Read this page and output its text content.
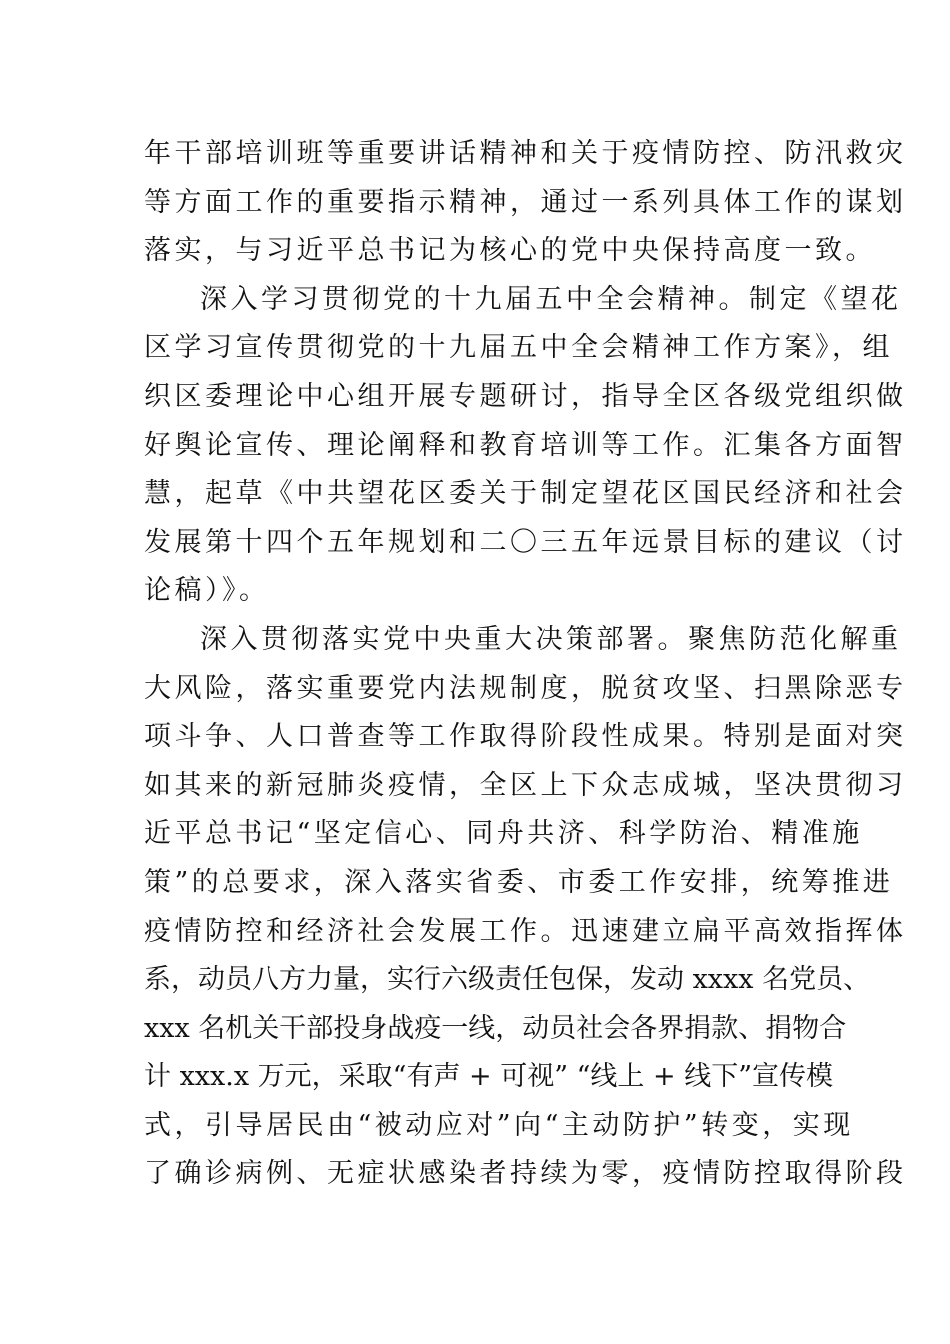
年干部培训班等重要讲话精神和关于疫情防控、防汛救灾
等方面工作的重要指示精神，通过一系列具体工作的谋划
落实，与习近平总书记为核心的党中央保持高度一致。
深入学习贯彻党的十九届五中全会精神。制定《望花
区学习宣传贯彻党的十九届五中全会精神工作方案》，组
织区委理论中心组开展专题研讨，指导全区各级党组织做
好舆论宣传、理论阐释和教育培训等工作。汇集各方面智
慧，起草《中共望花区委关于制定望花区国民经济和社会
发展第十四个五年规划和二〇三五年远景目标的建议（讨
论稿）》。
深入贯彻落实党中央重大决策部署。聚焦防范化解重
大风险，落实重要党内法规制度，脱贫攻坚、扫黑除恶专
项斗争、人口普查等工作取得阶段性成果。特别是面对突
如其来的新冠肺炎疫情，全区上下众志成城，坚决贯彻习
近平总书记“坚定信心、同舟共济、科学防治、精准施
策”的总要求，深入落实省委、市委工作安排，统筹推进
疫情防控和经济社会发展工作。迅速建立扁平高效指挥体
系，动员八方力量，实行六级责任包保，发动 xxxx 名党员、
xxx 名机关干部投身战疫一线，动员社会各界捐款、捐物合
计 xxx.x 万元，采取“有声 + 可视” “线上 + 线下”宣传模
式，引导居民由“被动应对”向“主动防护”转变，实现
了确诊病例、无症状感染者持续为零，疫情防控取得阶段
